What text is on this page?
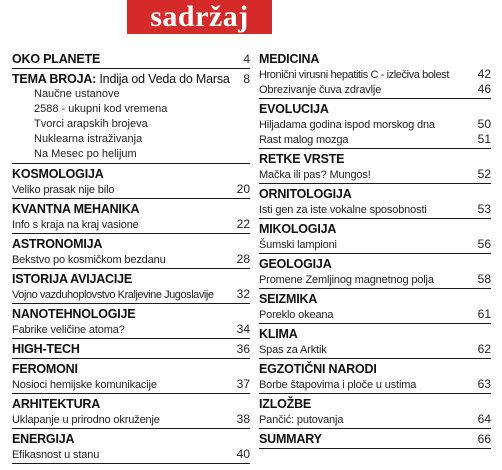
sadržaj
OKO PLANETE	4
TEMA BROJA: Indija od Veda do Marsa 8
Naučne ustanove
2588 - ukupni kod vremena
Tvorci arapskih brojeva
Nuklearna istraživanja
Na Mesec po helijum
KOSMOLOGIJA
Veliko prasak nije bilo	20
KVANTNA MEHANIKA
Info s kraja na kraj vasione	22
ASTRONOMIJA
Bekstvo po kosmičkom bezdanu	28
ISTORIJA AVIJACIJE
Vojno vazduhoplovstvo Kraljevine Jugoslavije 32
NANOTEHNOLOGIJE
Fabrike veličine atoma?	34
HIGH-TECH	36
FEROMONI
Nosioci hemijske komunikacije	37
ARHITEKTURA
Uklapanje u prirodno okruženje	38
ENERGIJA
Efikasnost u stanu	40
MEDICINA
Hronični virusni hepatitis C - izlečiva bolest 42
Obrezivanje čuva zdravlje	46
EVOLUCIJA
Hiljadama godina ispod morskog dna	50
Rast malog mozga	51
RETKE VRSTE
Mačka ili pas? Mungos!	52
ORNITOLOGIJA
Isti gen za iste vokalne sposobnosti	53
MIKOLOGIJA
Šumski lampioni	56
GEOLOGIJA
Promene Zemljinog magnetnog polja	58
SEIZMIKA
Poreklo okeana	61
KLIMA
Spas za Arktik	62
EGZOTIČNI NARODI
Borbe štapovima i ploče u ustima	63
IZLOŽBE
Pančić: putovanja	64
SUMMARY	66
